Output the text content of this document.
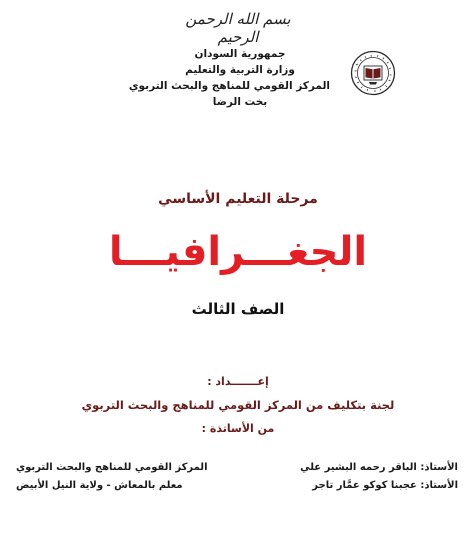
بسم الله الرحمن الرحيم
جمهورية السودان
وزارة التربية والتعليم
المركز القومي للمناهج والبحث التربوي
بخت الرضا
مرحلة التعليم الأساسي
الجغـــرافيـــا
الصف الثالث
إعـــــــداد :
لجنة بتكليف من المركز القومي للمناهج والبحث التربوي
من الأساتذة :
الأستاذ: الباقر رحمه البشير علي
المركز القومي للمناهج والبحث التربوي
الأستاذ: عجبنا كوكو عمَّار تاجر
معلم بالمعاش - ولاية النيل الأبيض
